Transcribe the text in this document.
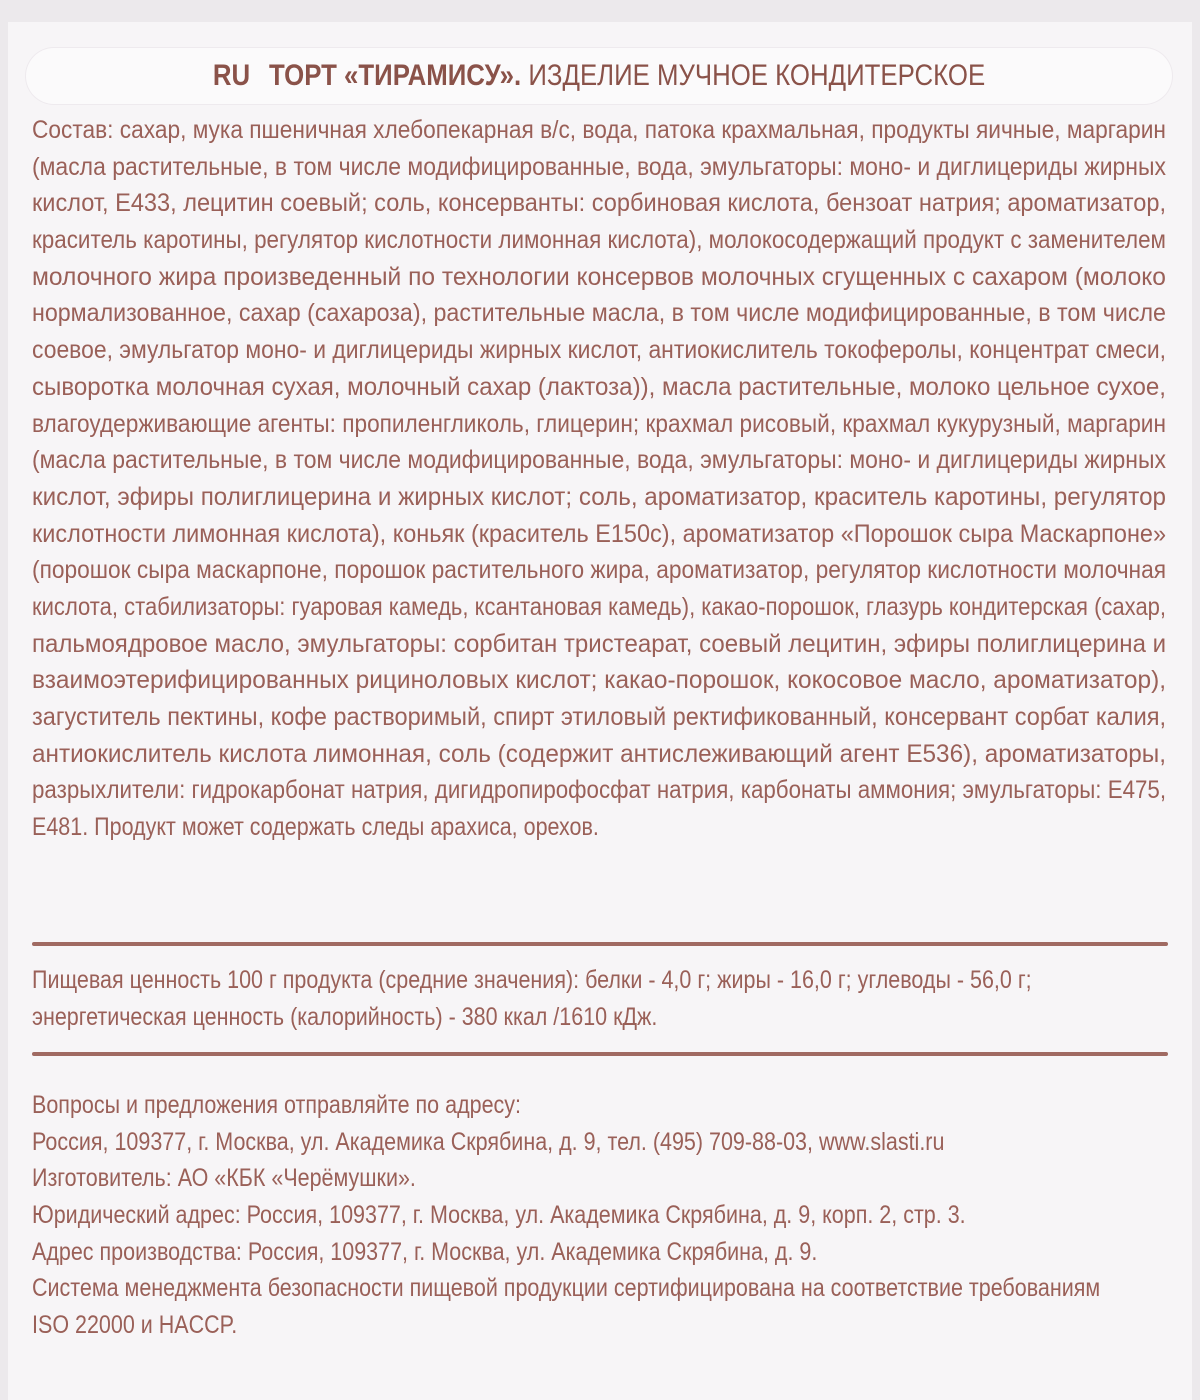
RU ТОРТ «ТИРАМИСУ». ИЗДЕЛИЕ МУЧНОЕ КОНДИТЕРСКОЕ
Состав: сахар, мука пшеничная хлебопекарная в/с, вода, патока крахмальная, продукты яичные, маргарин
(масла растительные, в том числе модифицированные, вода, эмульгаторы: моно- и диглицериды жирных
кислот, Е433, лецитин соевый; соль, консерванты: сорбиновая кислота, бензоат натрия; ароматизатор,
краситель каротины, регулятор кислотности лимонная кислота), молокосодержащий продукт с заменителем
молочного жира произведенный по технологии консервов молочных сгущенных с сахаром (молоко
нормализованное, сахар (сахароза), растительные масла, в том числе модифицированные, в том числе
соевое, эмульгатор моно- и диглицериды жирных кислот, антиокислитель токоферолы, концентрат смеси,
сыворотка молочная сухая, молочный сахар (лактоза)), масла растительные, молоко цельное сухое,
влагоудерживающие агенты: пропиленгликоль, глицерин; крахмал рисовый, крахмал кукурузный, маргарин
(масла растительные, в том числе модифицированные, вода, эмульгаторы: моно- и диглицериды жирных
кислот, эфиры полиглицерина и жирных кислот; соль, ароматизатор, краситель каротины, регулятор
кислотности лимонная кислота), коньяк (краситель Е150с), ароматизатор «Порошок сыра Маскарпоне»
(порошок сыра маскарпоне, порошок растительного жира, ароматизатор, регулятор кислотности молочная
кислота, стабилизаторы: гуаровая камедь, ксантановая камедь), какао-порошок, глазурь кондитерская (сахар,
пальмоядровое масло, эмульгаторы: сорбитан тристеарат, соевый лецитин, эфиры полиглицерина и
взаимоэтерифицированных рицинoловых кислот; какао-порошок, кокосовое масло, ароматизатор),
загуститель пектины, кофе растворимый, спирт этиловый ректификованный, консервант сорбат калия,
антиокислитель кислота лимонная, соль (содержит антислеживающий агент Е536), ароматизаторы,
разрыхлители: гидрокарбонат натрия, дигидропирофосфат натрия, карбонаты аммония; эмульгаторы: Е475,
Е481. Продукт может содержать следы арахиса, орехов.
Пищевая ценность 100 г продукта (средние значения): белки - 4,0 г; жиры - 16,0 г; углеводы - 56,0 г;
энергетическая ценность (калорийность) - 380 ккал /1610 кДж.
Вопросы и предложения отправляйте по адресу:
Россия, 109377, г. Москва, ул. Академика Скрябина, д. 9, тел. (495) 709-88-03, www.slasti.ru
Изготовитель: АО «КБК «Черёмушки».
Юридический адрес: Россия, 109377, г. Москва, ул. Академика Скрябина, д. 9, корп. 2, стр. 3.
Адрес производства: Россия, 109377, г. Москва, ул. Академика Скрябина, д. 9.
Система менеджмента безопасности пищевой продукции сертифицирована на соответствие требованиям
ISO 22000 и HACCP.
